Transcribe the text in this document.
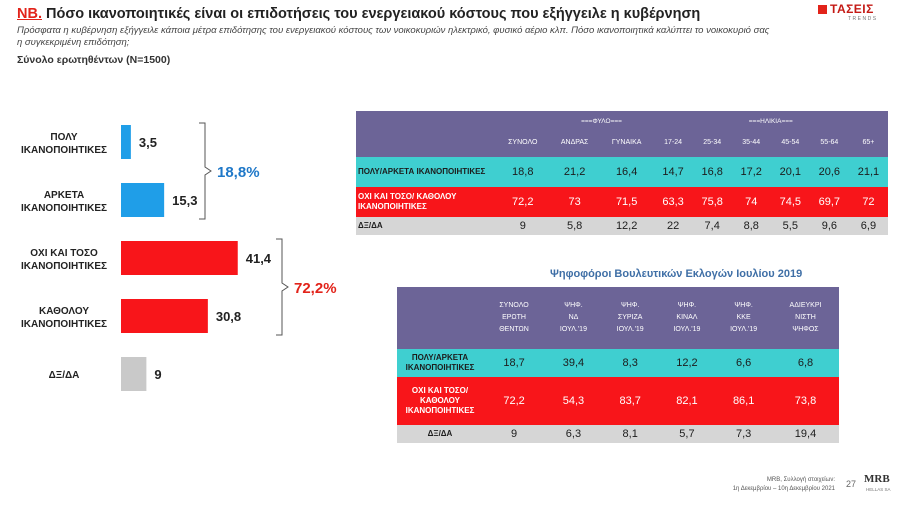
NB. Πόσο ικανοποιητικές είναι οι επιδοτήσεις του ενεργειακού κόστους που εξήγγειλε η κυβέρνηση
Πρόσφατα η κυβέρνηση εξήγγειλε κάποια μέτρα επιδότησης του ενεργειακού κόστους των νοικοκυριών ηλεκτρικό, φυσικό αέριο κλπ. Πόσο ικανοποιητικά καλύπτει το νοικοκυριό σας η συγκεκριμένη επιδότηση;
Σύνολο ερωτηθέντων (N=1500)
ΤΑΣΕΙΣ
TRENDS
3,5
ΠΟΛΥ ΙΚΑΝΟΠΟΙΗΤΙΚΕΣ
15,3
ΑΡΚΕΤΑ ΙΚΑΝΟΠΟΙΗΤΙΚΕΣ
41,4
ΟΧΙ ΚΑΙ ΤΟΣΟ ΙΚΑΝΟΠΟΙΗΤΙΚΕΣ
30,8
ΚΑΘΟΛΟΥ ΙΚΑΝΟΠΟΙΗΤΙΚΕΣ
9
ΔΞ/ΔΑ
18,8%
72,2%
		===ΦΥΛΟ===		===ΗΛΙΚΙΑ===					
	ΣΥΝΟΛΟ	ΑΝΔΡΑΣ	ΓΥΝΑΙΚΑ	17-24	25-34	35-44	45-54	55-64	65+
ΠΟΛΥ/ΑΡΚΕΤΑ ΙΚΑΝΟΠΟΙΗΤΙΚΕΣ	18,8	21,2	16,4	14,7	16,8	17,2	20,1	20,6	21,1
ΟΧΙ ΚΑΙ ΤΟΣΟ/ ΚΑΘΟΛΟΥ ΙΚΑΝΟΠΟΙΗΤΙΚΕΣ	72,2	73	71,5	63,3	75,8	74	74,5	69,7	72
ΔΞ/ΔΑ	9	5,8	12,2	22	7,4	8,8	5,5	9,6	6,9
Ψηφοφόροι Βουλευτικών Εκλογών Ιουλίου 2019
	ΣΥΝΟΛΟ
ΕΡΩΤΗ
ΘΕΝΤΩΝ	ΨΗΦ.
ΝΔ
ΙΟΥΛ.'19	ΨΗΦ.
ΣΥΡΙΖΑ
ΙΟΥΛ.'19	ΨΗΦ.
ΚΙΝΑΛ
ΙΟΥΛ.'19	ΨΗΦ.
ΚΚΕ
ΙΟΥΛ.'19	ΑΔΙΕΥΚΡΙ
ΝΙΣΤΗ
ΨΗΦΟΣ
ΠΟΛΥ/ΑΡΚΕΤΑ ΙΚΑΝΟΠΟΙΗΤΙΚΕΣ	18,7	39,4	8,3	12,2	6,6	6,8
ΟΧΙ ΚΑΙ ΤΟΣΟ/ΚΑΘΟΛΟΥ ΙΚΑΝΟΠΟΙΗΤΙΚΕΣ	72,2	54,3	83,7	82,1	86,1	73,8
ΔΞ/ΔΑ	9	6,3	8,1	5,7	7,3	19,4
MRB, Συλλογή στοιχείων:
1η Δεκεμβρίου – 10η Δεκεμβρίου 2021 27 MRB
HELLAS SA
